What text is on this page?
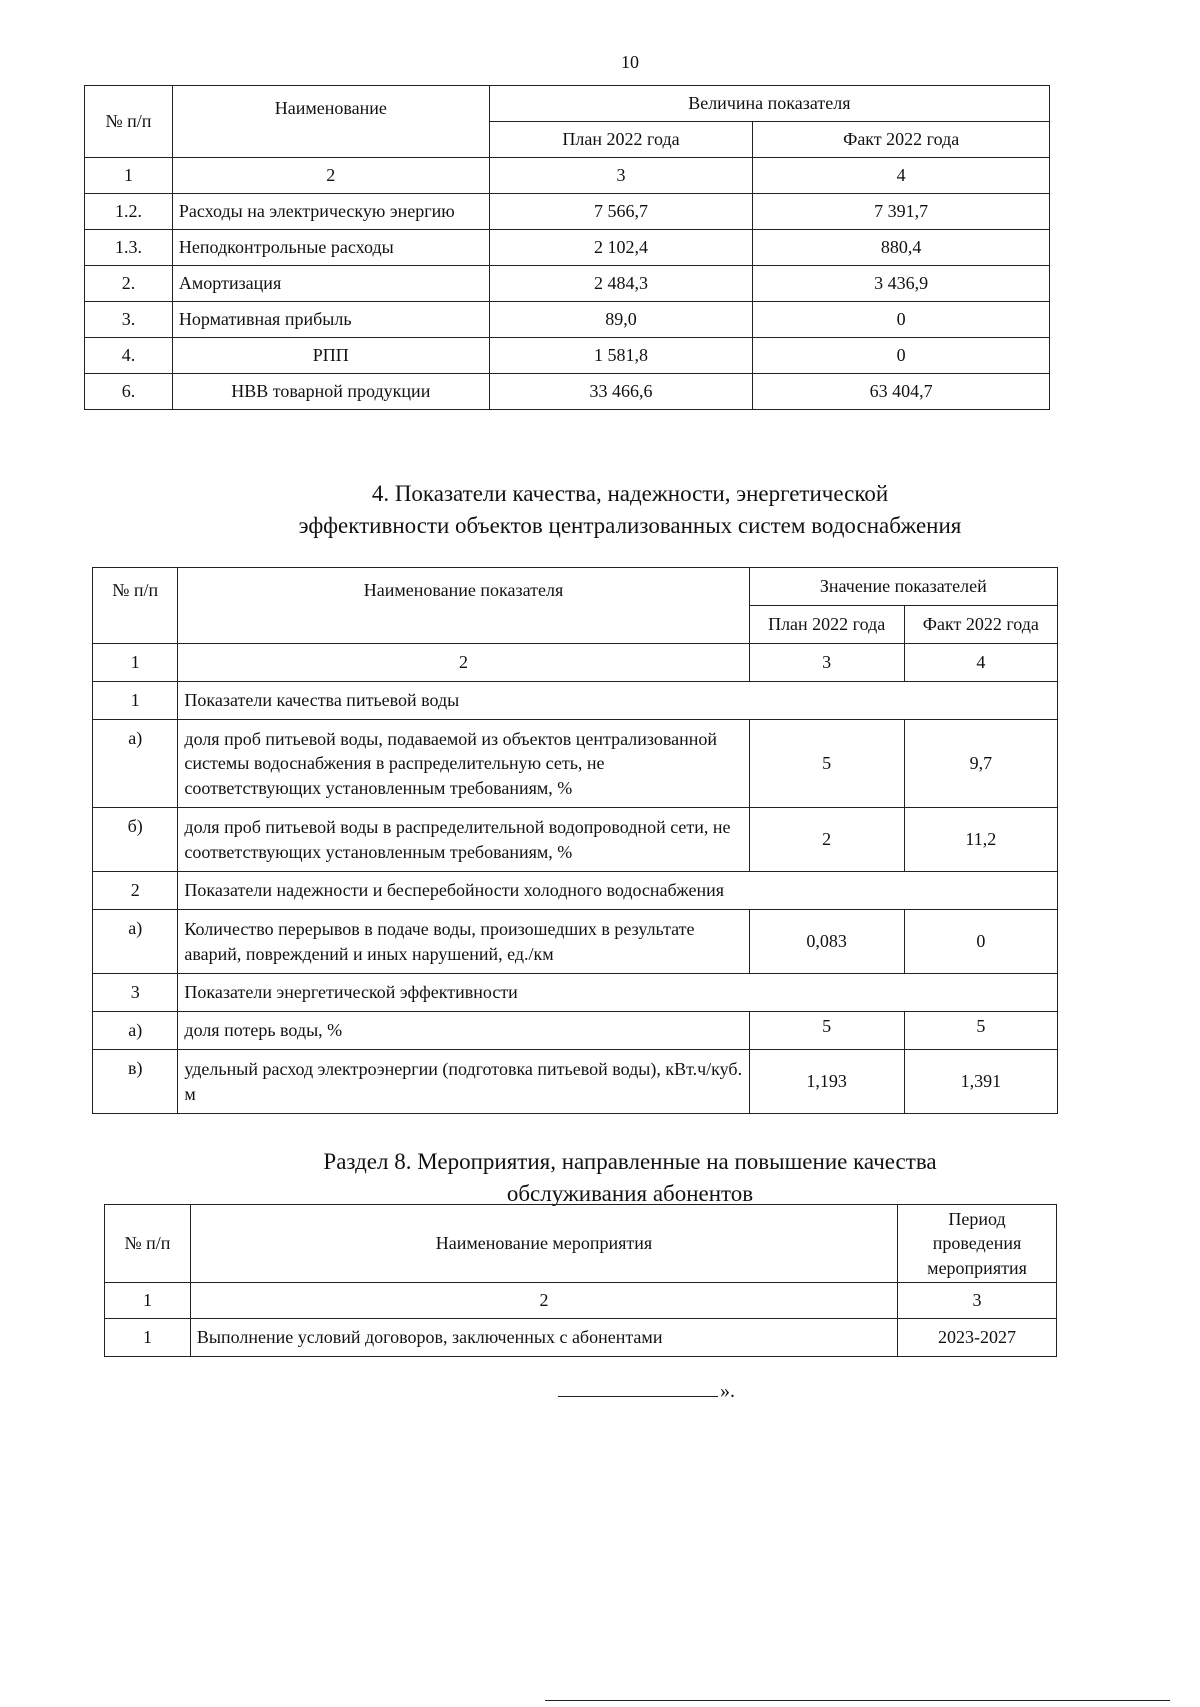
10
№ п/п	Наименование	Величина показателя	
		План 2022 года	Факт 2022 года
1	2	3	4
1.2.	Расходы на электрическую энергию	7 566,7	7 391,7
1.3.	Неподконтрольные расходы	2 102,4	880,4
2.	Амортизация	2 484,3	3 436,9
3.	Нормативная прибыль	89,0	0
4.	РПП	1 581,8	0
6.	НВВ товарной продукции	33 466,6	63 404,7
4. Показатели качества, надежности, энергетической
эффективности объектов централизованных систем водоснабжения
№ п/п	Наименование показателя	Значение показателей	
		План 2022 года	Факт 2022 года
1	2	3	4
1	Показатели качества питьевой воды		
а)	доля проб питьевой воды, подаваемой из объектов централизованной системы водоснабжения в распределительную сеть, не соответствующих установленным требованиям, %	5	9,7
б)	доля проб питьевой воды в распределительной водопроводной сети, не соответствующих установленным требованиям, %	2	11,2
2	Показатели надежности и бесперебойности холодного водоснабжения		
а)	Количество перерывов в подаче воды, произошедших в результате аварий, повреждений и иных нарушений, ед./км	0,083	0
3	Показатели энергетической эффективности		
а)	доля потерь воды, %	5	5
в)	удельный расход электроэнергии (подготовка питьевой воды), кВт.ч/куб. м	1,193	1,391
Раздел 8. Мероприятия, направленные на повышение качества
обслуживания абонентов
№ п/п	Наименование мероприятия	Период проведения мероприятия
1	2	3
1	Выполнение условий договоров, заключенных с абонентами	2023-2027
».
